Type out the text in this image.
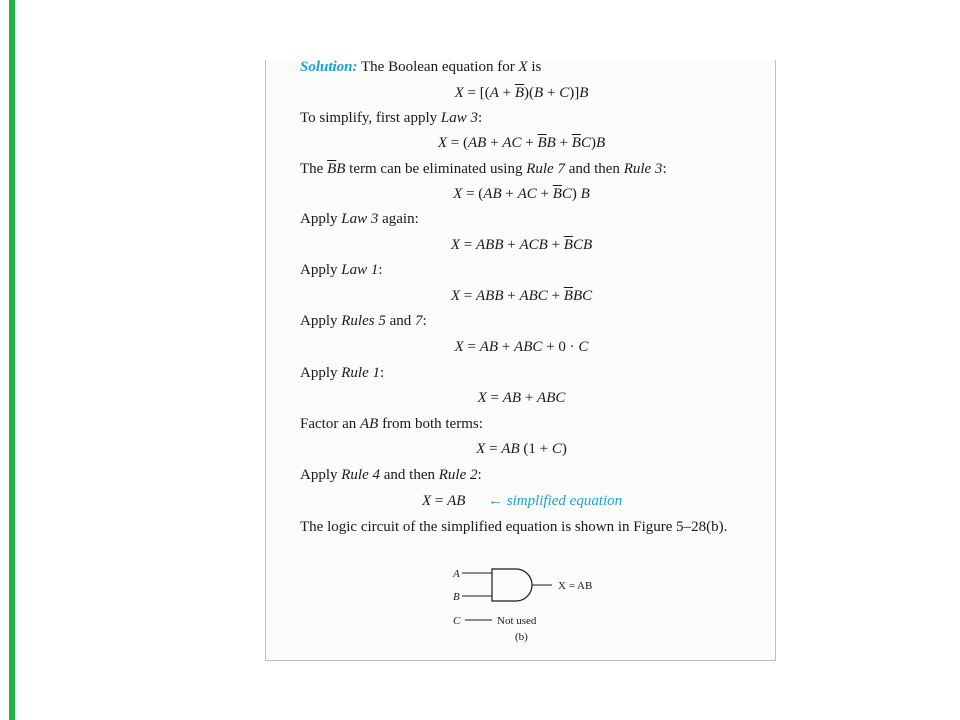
Solution: The Boolean equation for X is
$X = [(A + \overline{B})(B + C)]B$
To simplify, first apply Law 3:
X = (AB + AC + $\overline{B}B + \overline{B}C)B$
The $\overline{B}B$ term can be eliminated using Rule 7 and then Rule 3:
X = (AB + AC + $\overline{B}C$) B
Apply Law 3 again:
X = ABB + ACB + $\overline{B}CB$
Apply Law 1:
X = ABB + ABC + $\overline{B}BC$
Apply Rules 5 and 7:
X = AB + ABC + 0 · C
Apply Rule 1:
X = AB + ABC
Factor an AB from both terms:
X = AB (1 + C)
Apply Rule 4 and then Rule 2:
X = AB ← simplified equation
The logic circuit of the simplified equation is shown in Figure 5–28(b).
A
B
C
X = AB
Not used
(b)
